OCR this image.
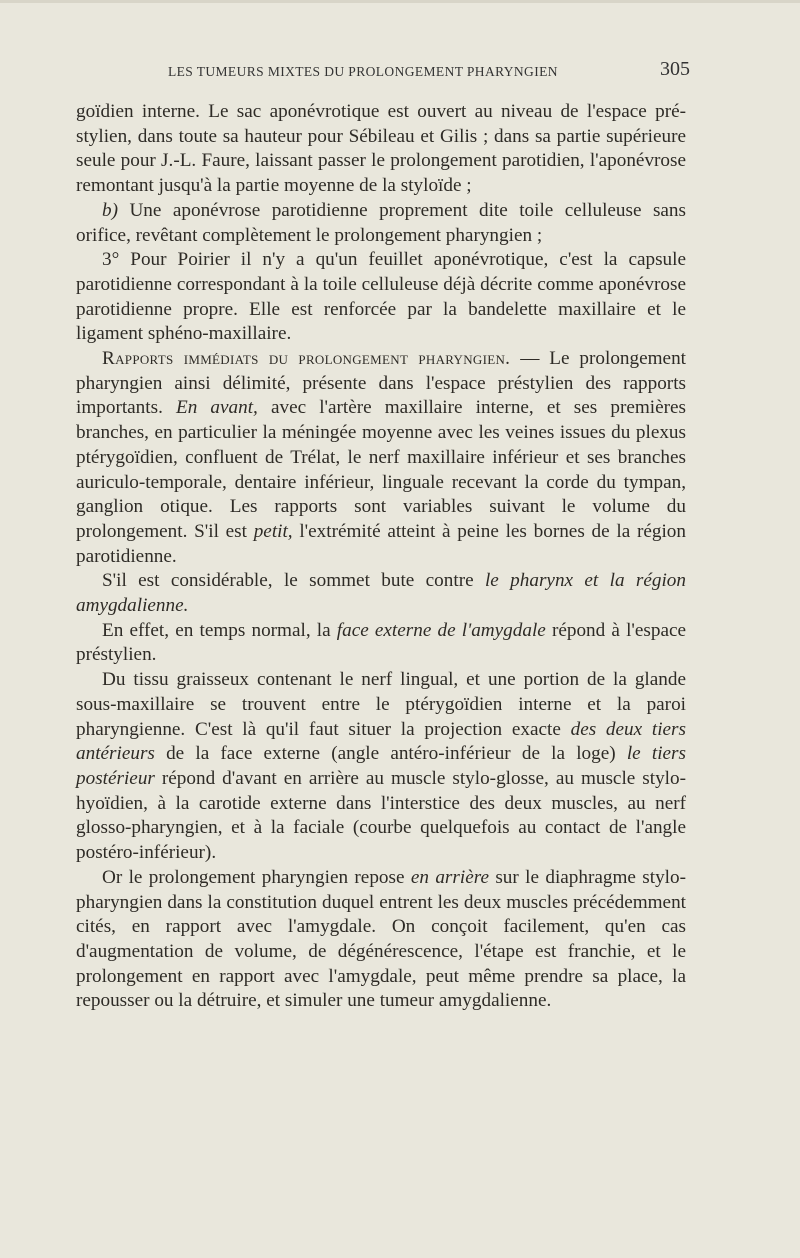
LES TUMEURS MIXTES DU PROLONGEMENT PHARYNGIEN	305

goïdien interne. Le sac aponévrotique est ouvert au niveau de l'espace pré-stylien, dans toute sa hauteur pour Sébileau et Gilis ; dans sa partie supérieure seule pour J.-L. Faure, laissant passer le prolongement parotidien, l'aponévrose remontant jusqu'à la partie moyenne de la styloïde ;

b) Une aponévrose parotidienne proprement dite toile celluleuse sans orifice, revêtant complètement le prolongement pharyngien ;

3° Pour Poirier il n'y a qu'un feuillet aponévrotique, c'est la capsule parotidienne correspondant à la toile celluleuse déjà décrite comme aponévrose parotidienne propre. Elle est renforcée par la bandelette maxillaire et le ligament sphéno-maxillaire.

Rapports immédiats du prolongement pharyngien. — Le prolongement pharyngien ainsi délimité, présente dans l'espace préstylien des rapports importants. En avant, avec l'artère maxillaire interne, et ses premières branches, en particulier la méningée moyenne avec les veines issues du plexus ptérygoïdien, confluent de Trélat, le nerf maxillaire inférieur et ses branches auriculo-temporale, dentaire inférieur, linguale recevant la corde du tympan, ganglion otique. Les rapports sont variables suivant le volume du prolongement. S'il est petit, l'extrémité atteint à peine les bornes de la région parotidienne.

S'il est considérable, le sommet bute contre le pharynx et la région amygdalienne.

En effet, en temps normal, la face externe de l'amygdale répond à l'espace préstylien.

Du tissu graisseux contenant le nerf lingual, et une portion de la glande sous-maxillaire se trouvent entre le ptérygoïdien interne et la paroi pharyngienne. C'est là qu'il faut situer la projection exacte des deux tiers antérieurs de la face externe (angle antéro-inférieur de la loge) le tiers postérieur répond d'avant en arrière au muscle stylo-glosse, au muscle stylo-hyoïdien, à la carotide externe dans l'interstice des deux muscles, au nerf glosso-pharyngien, et à la faciale (courbe quelquefois au contact de l'angle postéro-inférieur).

Or le prolongement pharyngien repose en arrière sur le diaphragme stylo-pharyngien dans la constitution duquel entrent les deux muscles précédemment cités, en rapport avec l'amygdale. On conçoit facilement, qu'en cas d'augmentation de volume, de dégénérescence, l'étape est franchie, et le prolongement en rapport avec l'amygdale, peut même prendre sa place, la repousser ou la détruire, et simuler une tumeur amygdalienne.
